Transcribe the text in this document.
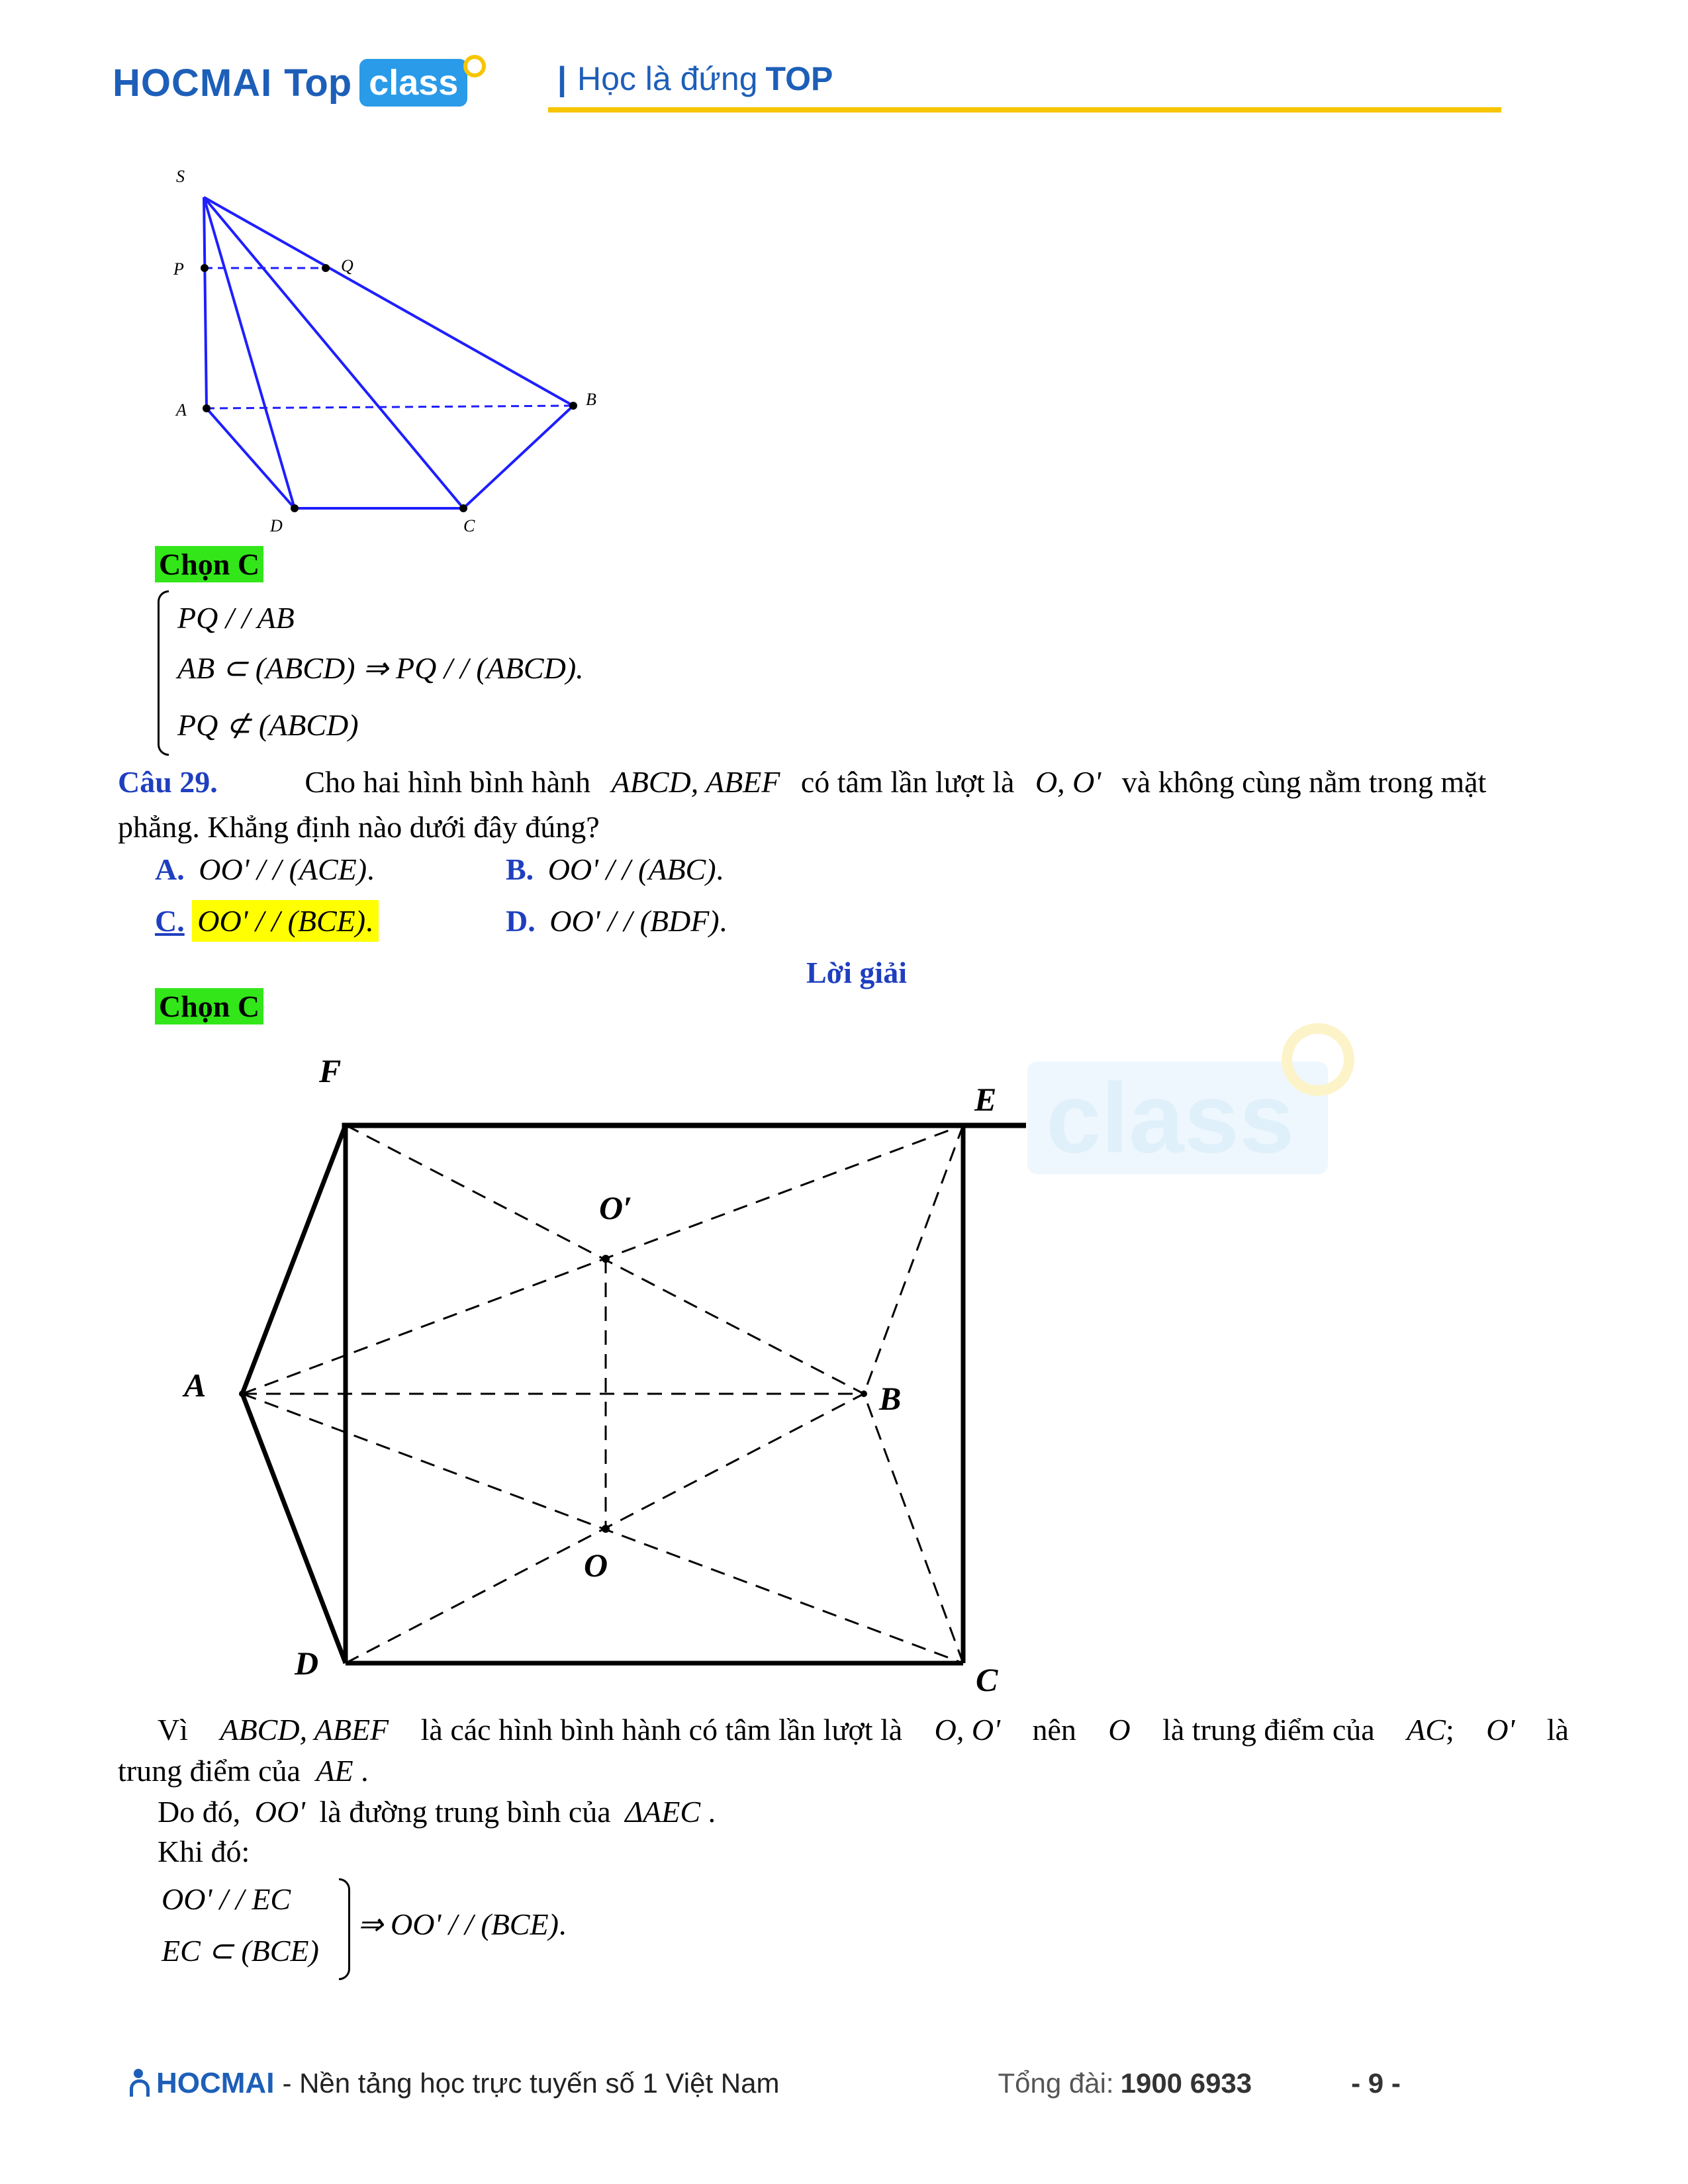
HOCMAI Top class	| Học là đứng TOP
S
P	Q
A
B
D	C
Chọn C
PQ / / AB
AB ⊂ (ABCD) ⇒ PQ / / (ABCD).
PQ ⊄ (ABCD)
Câu 29.	Cho hai hình bình hành ABCD, ABEF có tâm lần lượt là O, O' và không cùng nằm trong mặt
phẳng. Khẳng định nào dưới đây đúng?
A. OO' / / (ACE).	B. OO' / / (ABC).
C. OO' / / (BCE).	D. OO' / / (BDF).
Lời giải
Chọn C
class
F
E
O′
A	B
O
D	C
Vì ABCD, ABEF là các hình bình hành có tâm lần lượt là O, O' nên O là trung điểm của AC; O' là
trung điểm của AE .
Do đó, OO' là đường trung bình của ΔAEC .
Khi đó:
OO' / / EC
EC ⊂ (BCE)
⇒ OO' / / (BCE).
HOCMAI - Nền tảng học trực tuyến số 1 Việt Nam	Tổng đài: 1900 6933	- 9 -
